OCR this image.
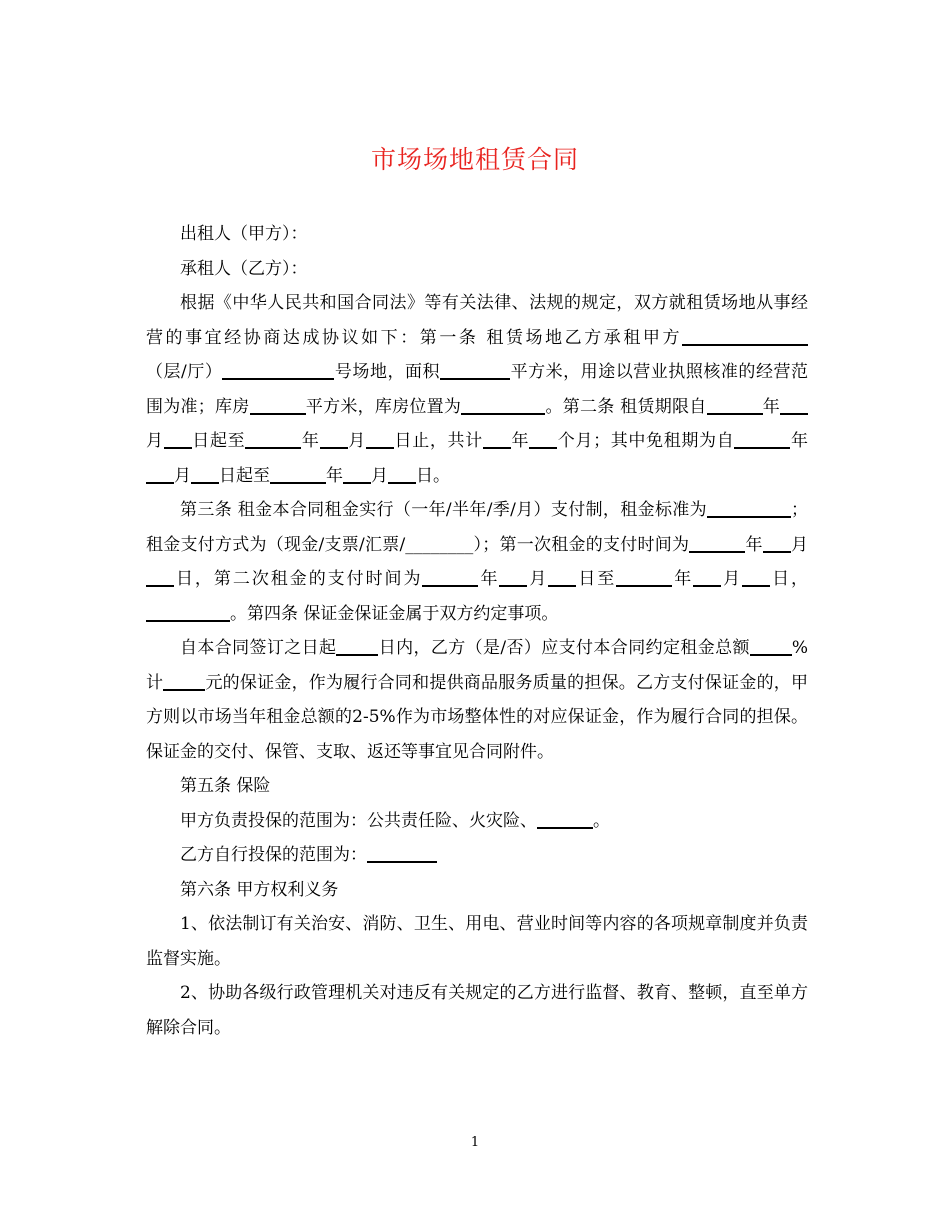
市场场地租赁合同

出租人（甲方）：

承租人（乙方）：

根据《中华人民共和国合同法》等有关法律、法规的规定，双方就租赁场地从事经营的事宜经协商达成协议如下：第一条 租赁场地乙方承租甲方（层/厅）	号场地，面积	平方米，用途以营业执照核准的经营范围为准；库房	平方米，库房位置为	。第二条 租赁期限自	年月 日起至	年 月 日止，共计 年 个月；其中免租期为自	年月 日起至	年 月 日。

第三条 租金本合同租金实行（一年/半年/季/月）支付制，租金标准为	；租金支付方式为（现金/支票/汇票/________）；第一次租金的支付时间为	年 月日，第二次租金的支付时间为	年 月 日至	年 月 日，。第四条 保证金保证金属于双方约定事项。

自本合同签订之日起 日内，乙方（是/否）应支付本合同约定租金总额 %计 元的保证金，作为履行合同和提供商品服务质量的担保。乙方支付保证金的，甲方则以市场当年租金总额的2-5%作为市场整体性的对应保证金，作为履行合同的担保。保证金的交付、保管、支取、返还等事宜见合同附件。

第五条 保险

甲方负责投保的范围为：公共责任险、火灾险、	。

乙方自行投保的范围为：

第六条 甲方权利义务

1、依法制订有关治安、消防、卫生、用电、营业时间等内容的各项规章制度并负责监督实施。

2、协助各级行政管理机关对违反有关规定的乙方进行监督、教育、整顿，直至单方解除合同。

1
